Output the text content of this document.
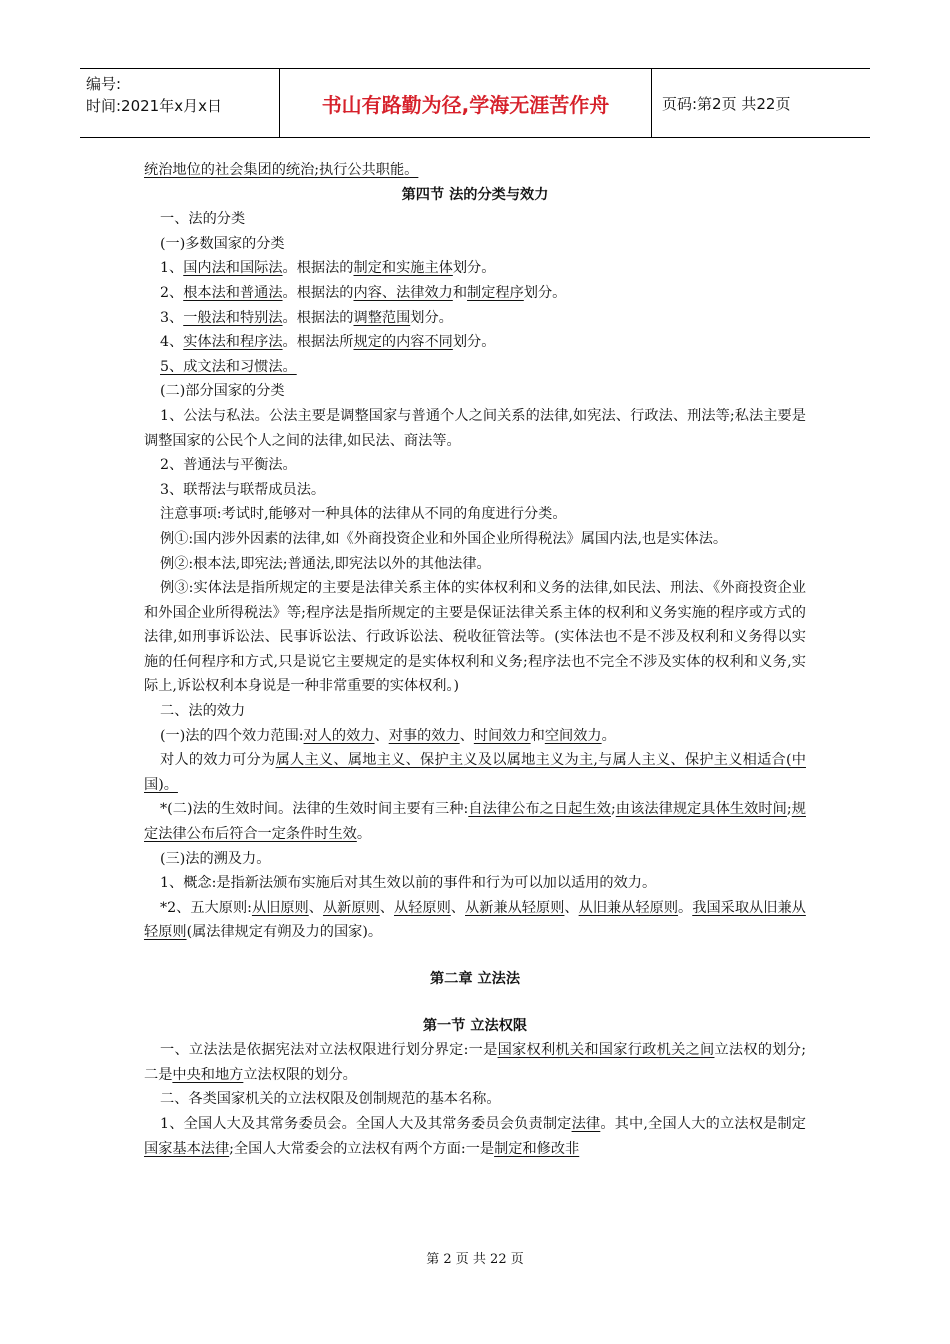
编号:
时间:2021年x月x日	书山有路勤为径,学海无涯苦作舟	页码:第2页 共22页

统治地位的社会集团的统治;执行公共职能。

第四节 法的分类与效力

一、法的分类

(一)多数国家的分类

1、国内法和国际法。根据法的制定和实施主体划分。

2、根本法和普通法。根据法的内容、法律效力和制定程序划分。

3、一般法和特别法。根据法的调整范围划分。

4、实体法和程序法。根据法所规定的内容不同划分。

5、成文法和习惯法。

(二)部分国家的分类

1、公法与私法。公法主要是调整国家与普通个人之间关系的法律,如宪法、行政法、刑法等;私法主要是调整国家的公民个人之间的法律,如民法、商法等。

2、普通法与平衡法。

3、联帮法与联帮成员法。

注意事项:考试时,能够对一种具体的法律从不同的角度进行分类。

例①:国内涉外因素的法律,如《外商投资企业和外国企业所得税法》属国内法,也是实体法。

例②:根本法,即宪法;普通法,即宪法以外的其他法律。

例③:实体法是指所规定的主要是法律关系主体的实体权利和义务的法律,如民法、刑法、《外商投资企业和外国企业所得税法》等;程序法是指所规定的主要是保证法律关系主体的权利和义务实施的程序或方式的法律,如刑事诉讼法、民事诉讼法、行政诉讼法、税收征管法等。(实体法也不是不涉及权利和义务得以实施的任何程序和方式,只是说它主要规定的是实体权利和义务;程序法也不完全不涉及实体的权利和义务,实际上,诉讼权利本身说是一种非常重要的实体权利。)

二、法的效力

(一)法的四个效力范围:对人的效力、对事的效力、时间效力和空间效力。

对人的效力可分为属人主义、属地主义、保护主义及以属地主义为主,与属人主义、保护主义相适合(中国)。

*(二)法的生效时间。法律的生效时间主要有三种:自法律公布之日起生效;由该法律规定具体生效时间;规定法律公布后符合一定条件时生效。

(三)法的溯及力。

1、概念:是指新法颁布实施后对其生效以前的事件和行为可以加以适用的效力。

*2、五大原则:从旧原则、从新原则、从轻原则、从新兼从轻原则、从旧兼从轻原则。我国采取从旧兼从轻原则(属法律规定有朔及力的国家)。

第二章 立法法

第一节 立法权限

一、立法法是依据宪法对立法权限进行划分界定:一是国家权利机关和国家行政机关之间立法权的划分;二是中央和地方立法权限的划分。

二、各类国家机关的立法权限及创制规范的基本名称。

1、全国人大及其常务委员会。全国人大及其常务委员会负责制定法律。其中,全国人大的立法权是制定国家基本法律;全国人大常委会的立法权有两个方面:一是制定和修改非

第 2 页 共 22 页
